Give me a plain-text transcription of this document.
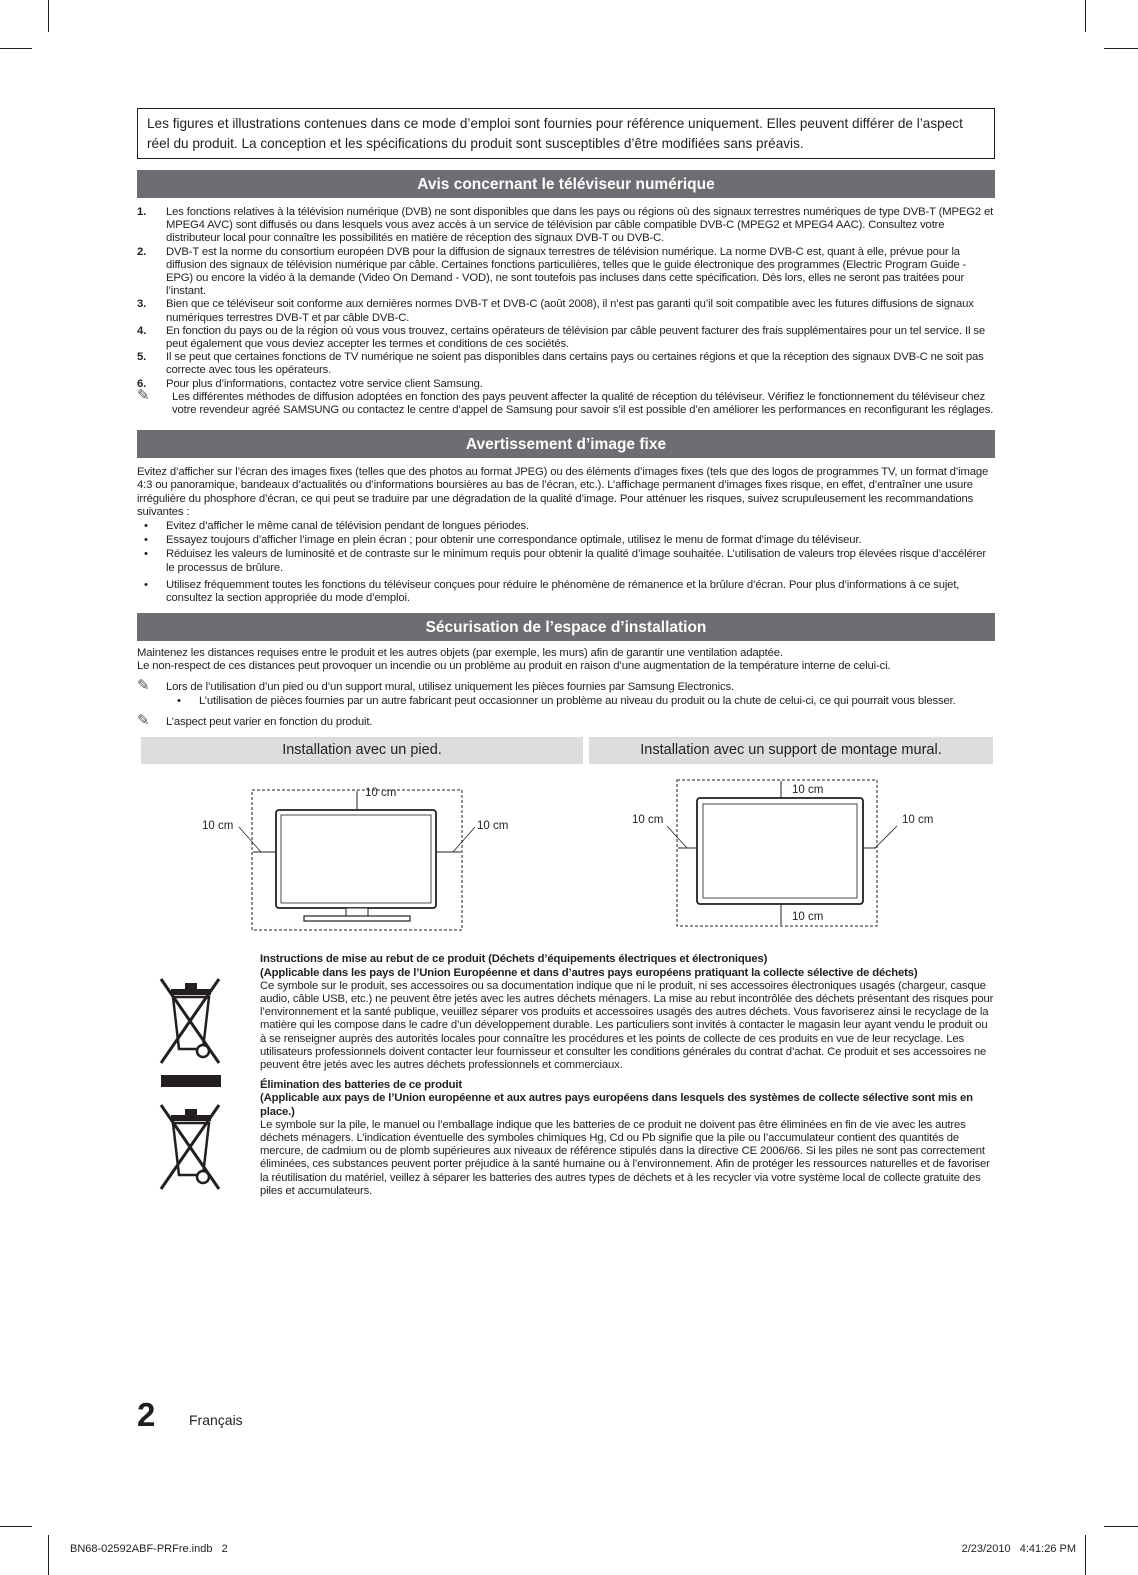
Les figures et illustrations contenues dans ce mode d’emploi sont fournies pour référence uniquement. Elles peuvent différer de l’aspect réel du produit. La conception et les spécifications du produit sont susceptibles d’être modifiées sans préavis.
Avis concernant le téléviseur numérique
1. Les fonctions relatives à la télévision numérique (DVB) ne sont disponibles que dans les pays ou régions où des signaux terrestres numériques de type DVB-T (MPEG2 et MPEG4 AVC) sont diffusés ou dans lesquels vous avez accès à un service de télévision par câble compatible DVB-C (MPEG2 et MPEG4 AAC). Consultez votre distributeur local pour connaître les possibilités en matière de réception des signaux DVB-T ou DVB-C.
2. DVB-T est la norme du consortium européen DVB pour la diffusion de signaux terrestres de télévision numérique. La norme DVB-C est, quant à elle, prévue pour la diffusion des signaux de télévision numérique par câble. Certaines fonctions particulières, telles que le guide électronique des programmes (Electric Program Guide - EPG) ou encore la vidéo à la demande (Video On Demand - VOD), ne sont toutefois pas incluses dans cette spécification. Dès lors, elles ne seront pas traitées pour l’instant.
3. Bien que ce téléviseur soit conforme aux dernières normes DVB-T et DVB-C (août 2008), il n’est pas garanti qu’il soit compatible avec les futures diffusions de signaux numériques terrestres DVB-T et par câble DVB-C.
4. En fonction du pays ou de la région où vous vous trouvez, certains opérateurs de télévision par câble peuvent facturer des frais supplémentaires pour un tel service. Il se peut également que vous deviez accepter les termes et conditions de ces sociétés.
5. Il se peut que certaines fonctions de TV numérique ne soient pas disponibles dans certains pays ou certaines régions et que la réception des signaux DVB-C ne soit pas correcte avec tous les opérateurs.
6. Pour plus d’informations, contactez votre service client Samsung.
✎ Les différentes méthodes de diffusion adoptées en fonction des pays peuvent affecter la qualité de réception du téléviseur. Vérifiez le fonctionnement du téléviseur chez votre revendeur agréé SAMSUNG ou contactez le centre d’appel de Samsung pour savoir s’il est possible d’en améliorer les performances en reconfigurant les réglages.
Avertissement d’image fixe

Evitez d’afficher sur l’écran des images fixes (telles que des photos au format JPEG) ou des éléments d’images fixes (tels que des logos de programmes TV, un format d’image 4:3 ou panoramique, bandeaux d’actualités ou d’informations boursières au bas de l’écran, etc.). L’affichage permanent d’images fixes risque, en effet, d’entraîner une usure irrégulière du phosphore d’écran, ce qui peut se traduire par une dégradation de la qualité d’image. Pour atténuer les risques, suivez scrupuleusement les recommandations suivantes :

• Evitez d’afficher le même canal de télévision pendant de longues périodes.
• Essayez toujours d’afficher l’image en plein écran ; pour obtenir une correspondance optimale, utilisez le menu de format d’image du téléviseur.
• Réduisez les valeurs de luminosité et de contraste sur le minimum requis pour obtenir la qualité d’image souhaitée. L’utilisation de valeurs trop élevées risque d’accélérer le processus de brûlure.
• Utilisez fréquemment toutes les fonctions du téléviseur conçues pour réduire le phénomène de rémanence et la brûlure d’écran. Pour plus d’informations à ce sujet, consultez la section appropriée du mode d’emploi.
Sécurisation de l’espace d’installation

Maintenez les distances requises entre le produit et les autres objets (par exemple, les murs) afin de garantir une ventilation adaptée.

Le non-respect de ces distances peut provoquer un incendie ou un problème au produit en raison d’une augmentation de la température interne de celui-ci.

✎ Lors de l’utilisation d’un pied ou d’un support mural, utilisez uniquement les pièces fournies par Samsung Electronics.
• L’utilisation de pièces fournies par un autre fabricant peut occasionner un problème au niveau du produit ou la chute de celui-ci, ce qui pourrait vous blesser.
✎ L’aspect peut varier en fonction du produit.
Installation avec un pied.	Installation avec un support de montage mural.
10 cm
10 cm	10 cm
10 cm
10 cm	10 cm
10 cm
Instructions de mise au rebut de ce produit (Déchets d’équipements électriques et électroniques)
(Applicable dans les pays de l’Union Européenne et dans d’autres pays européens pratiquant la collecte sélective de déchets)
Ce symbole sur le produit, ses accessoires ou sa documentation indique que ni le produit, ni ses accessoires électroniques usagés (chargeur, casque audio, câble USB, etc.) ne peuvent être jetés avec les autres déchets ménagers. La mise au rebut incontrôlée des déchets présentant des risques pour l’environnement et la santé publique, veuillez séparer vos produits et accessoires usagés des autres déchets. Vous favoriserez ainsi le recyclage de la matière qui les compose dans le cadre d’un développement durable. Les particuliers sont invités à contacter le magasin leur ayant vendu le produit ou à se renseigner auprès des autorités locales pour connaître les procédures et les points de collecte de ces produits en vue de leur recyclage. Les utilisateurs professionnels doivent contacter leur fournisseur et consulter les conditions générales du contrat d’achat. Ce produit et ses accessoires ne peuvent être jetés avec les autres déchets professionnels et commerciaux.
Élimination des batteries de ce produit
(Applicable aux pays de l’Union européenne et aux autres pays européens dans lesquels des systèmes de collecte sélective sont mis en place.)
Le symbole sur la pile, le manuel ou l’emballage indique que les batteries de ce produit ne doivent pas être éliminées en fin de vie avec les autres déchets ménagers. L’indication éventuelle des symboles chimiques Hg, Cd ou Pb signifie que la pile ou l’accumulateur contient des quantités de mercure, de cadmium ou de plomb supérieures aux niveaux de référence stipulés dans la directive CE 2006/66. Si les piles ne sont pas correctement éliminées, ces substances peuvent porter préjudice à la santé humaine ou à l’environnement. Afin de protéger les ressources naturelles et de favoriser la réutilisation du matériel, veillez à séparer les batteries des autres types de déchets et à les recycler via votre système local de collecte gratuite des piles et accumulateurs.
2 Français
BN68-02592ABF-PRFre.indb   2	2/23/2010   4:41:26 PM
